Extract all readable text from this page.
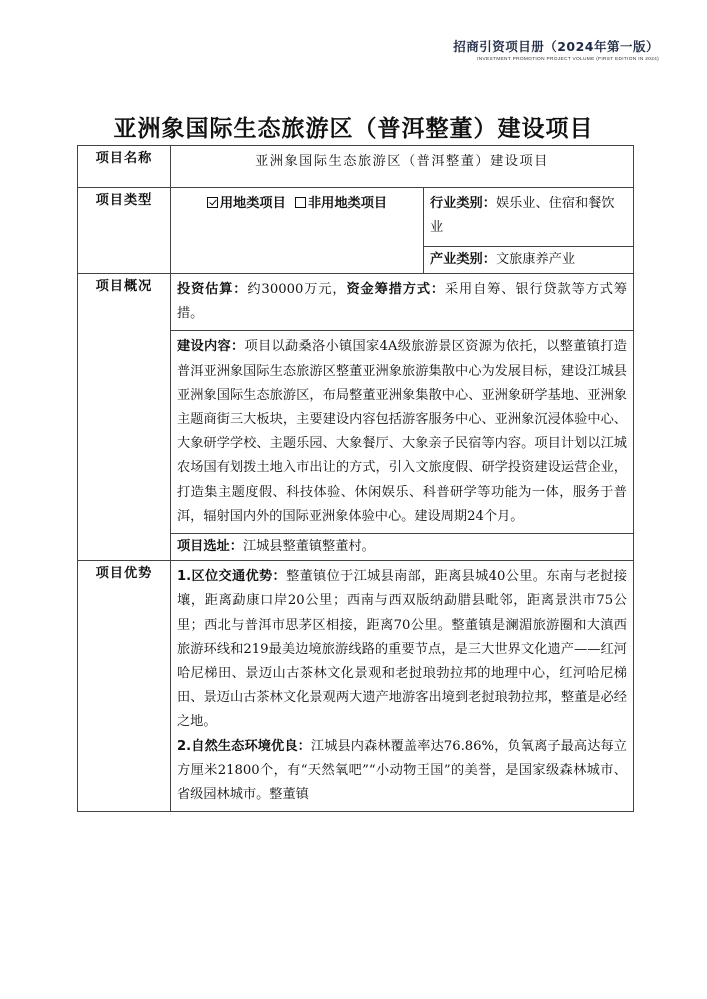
招商引资项目册（2024年第一版）
INVESTMENT PROMOTION PROJECT VOLUME (FIRST EDITION IN 2024)
亚洲象国际生态旅游区（普洱整董）建设项目
项目名称	亚洲象国际生态旅游区（普洱整董）建设项目	
项目类型	用地类项目 非用地类项目	行业类别：娱乐业、住宿和餐饮业
		产业类别：文旅康养产业
项目概况	投资估算：约30000万元，资金筹措方式：采用自筹、银行贷款等方式筹措。	
	建设内容：项目以勐桑洛小镇国家4A级旅游景区资源为依托，以整董镇打造普洱亚洲象国际生态旅游区整董亚洲象旅游集散中心为发展目标，建设江城县亚洲象国际生态旅游区，布局整董亚洲象集散中心、亚洲象研学基地、亚洲象主题商街三大板块，主要建设内容包括游客服务中心、亚洲象沉浸体验中心、大象研学学校、主题乐园、大象餐厅、大象亲子民宿等内容。项目计划以江城农场国有划拨土地入市出让的方式，引入文旅度假、研学投资建设运营企业，打造集主题度假、科技体验、休闲娱乐、科普研学等功能为一体，服务于普洱，辐射国内外的国际亚洲象体验中心。建设周期24个月。	
	项目选址：江城县整董镇整董村。	
项目优势	1.区位交通优势：整董镇位于江城县南部，距离县城40公里。东南与老挝接壤，距离勐康口岸20公里；西南与西双版纳勐腊县毗邻，距离景洪市75公里；西北与普洱市思茅区相接，距离70公里。整董镇是澜湄旅游圈和大滇西旅游环线和219最美边境旅游线路的重要节点，是三大世界文化遗产——红河哈尼梯田、景迈山古茶林文化景观和老挝琅勃拉邦的地理中心，红河哈尼梯田、景迈山古茶林文化景观两大遗产地游客出境到老挝琅勃拉邦，整董是必经之地。
2.自然生态环境优良：江城县内森林覆盖率达76.86%，负氧离子最高达每立方厘米21800个，有“天然氧吧”“小动物王国”的美誉，是国家级森林城市、省级园林城市。整董镇	
